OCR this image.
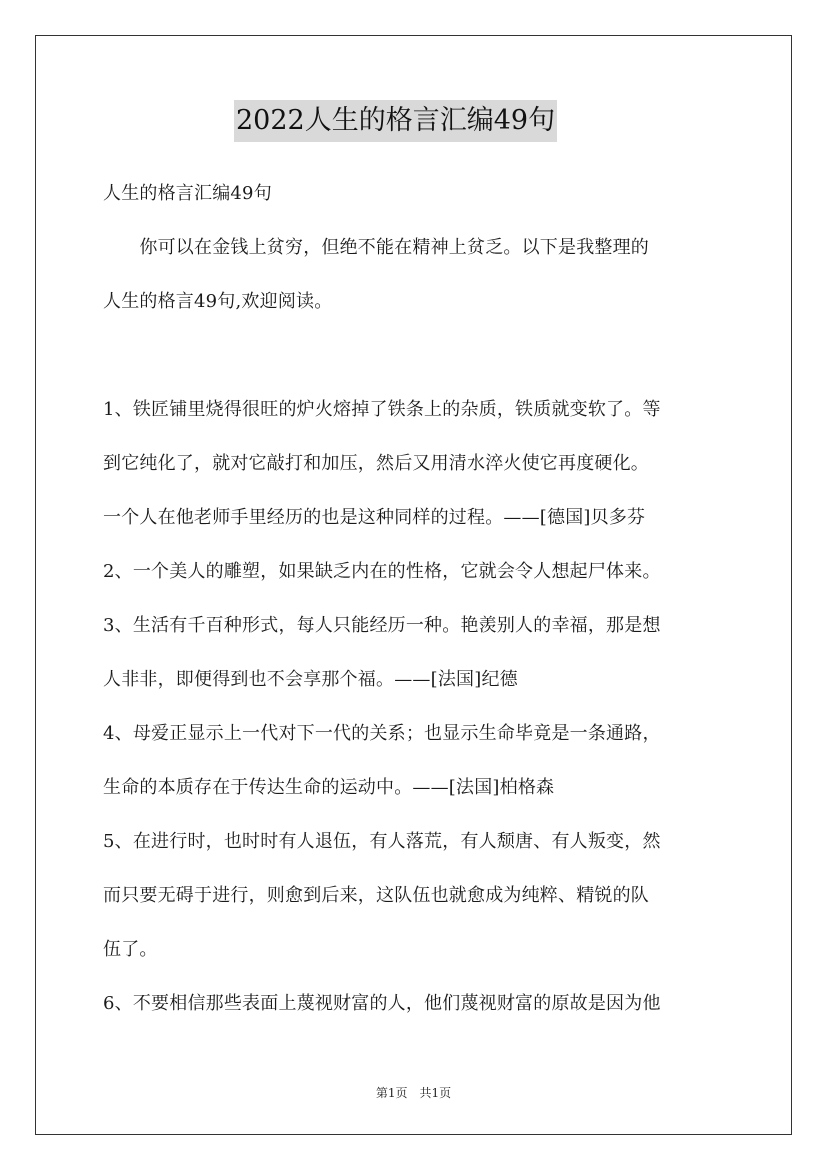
2022人生的格言汇编49句
人生的格言汇编49句
　　你可以在金钱上贫穷，但绝不能在精神上贫乏。以下是我整理的
人生的格言49句,欢迎阅读。
1、铁匠铺里烧得很旺的炉火熔掉了铁条上的杂质，铁质就变软了。等
到它纯化了，就对它敲打和加压，然后又用清水淬火使它再度硬化。
一个人在他老师手里经历的也是这种同样的过程。——[德国]贝多芬
2、一个美人的雕塑，如果缺乏内在的性格，它就会令人想起尸体来。
3、生活有千百种形式，每人只能经历一种。艳羡别人的幸福，那是想
人非非，即便得到也不会享那个福。——[法国]纪德
4、母爱正显示上一代对下一代的关系；也显示生命毕竟是一条通路，
生命的本质存在于传达生命的运动中。——[法国]柏格森
5、在进行时，也时时有人退伍，有人落荒，有人颓唐、有人叛变，然
而只要无碍于进行，则愈到后来，这队伍也就愈成为纯粹、精锐的队
伍了。
6、不要相信那些表面上蔑视财富的人，他们蔑视财富的原故是因为他
第1页　共1页
